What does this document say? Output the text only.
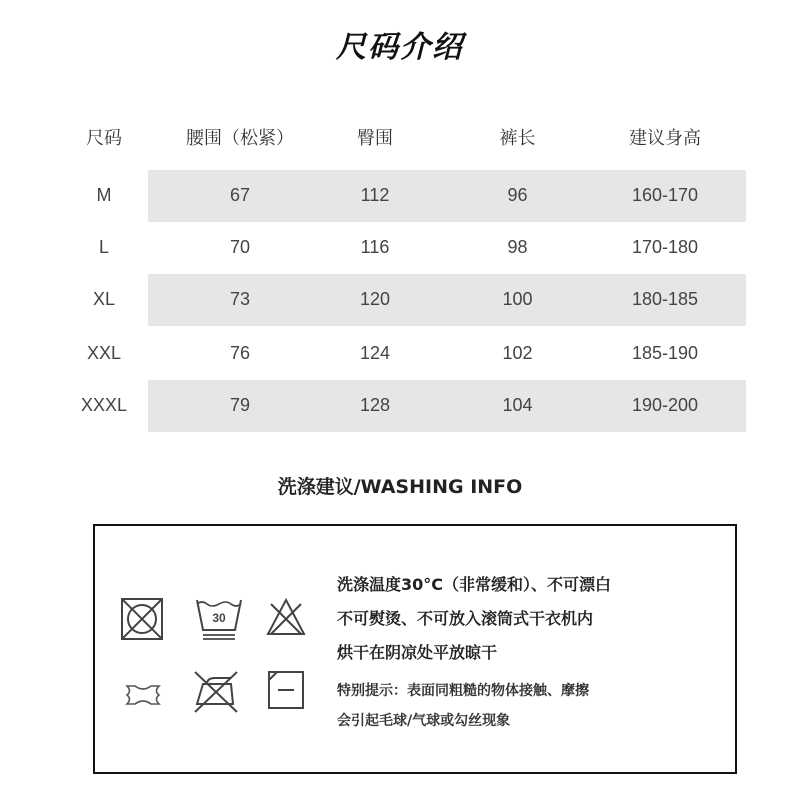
尺码介绍
尺码	腰围（松紧）	臀围	裤长	建议身高
M	67	112	96	160-170
L	70	116	98	170-180
XL	73	120	100	180-185
XXL	76	124	102	185-190
XXXL	79	128	104	190-200
洗涤建议/WASHING INFO
30
洗涤温度30°C（非常缓和）、不可漂白
不可熨烫、不可放入滚筒式干衣机内
烘干在阴凉处平放晾干
特别提示：表面同粗糙的物体接触、摩擦
会引起毛球/气球或勾丝现象
